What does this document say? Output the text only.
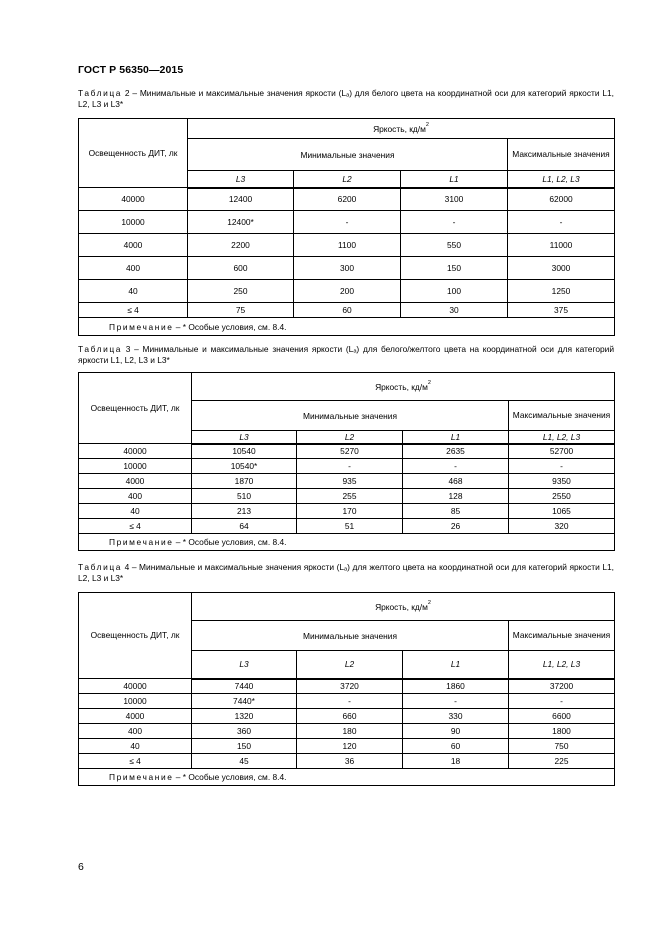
ГОСТ Р 56350—2015
Таблица 2 – Минимальные и максимальные значения яркости (Lₐ) для белого цвета на координатной оси для категорий яркости L1, L2, L3 и L3*
Освещенность ДИТ, лк	Яркость, $кд/м^2$
	Минимальные значения			Максимальные значения
	L3	L2	L1	L1, L2, L3
40000	12400	6200	3100	62000
10000	12400*	-	-	-
4000	2200	1100	550	11000
400	600	300	150	3000
40	250	200	100	1250
≤ 4	75	60	30	375
Примечание – * Особые условия, см. 8.4.				
Таблица 3 – Минимальные и максимальные значения яркости (Lₐ) для белого/желтого цвета на координатной оси для категорий яркости L1, L2, L3 и L3*
Освещенность ДИТ, лк	Яркость, $кд/м^2$
	Минимальные значения			Максимальные значения
	L3	L2	L1	L1, L2, L3
40000	10540	5270	2635	52700
10000	10540*	-	-	-
4000	1870	935	468	9350
400	510	255	128	2550
40	213	170	85	1065
≤ 4	64	51	26	320
Примечание – * Особые условия, см. 8.4.				
Таблица 4 – Минимальные и максимальные значения яркости (Lₐ) для желтого цвета на координатной оси для категорий яркости L1, L2, L3 и L3*
Освещенность ДИТ, лк	Яркость, $кд/м^2$
	Минимальные значения			Максимальные значения
	L3	L2	L1	L1, L2, L3
40000	7440	3720	1860	37200
10000	7440*	-	-	-
4000	1320	660	330	6600
400	360	180	90	1800
40	150	120	60	750
≤ 4	45	36	18	225
Примечание – * Особые условия, см. 8.4.				
6
